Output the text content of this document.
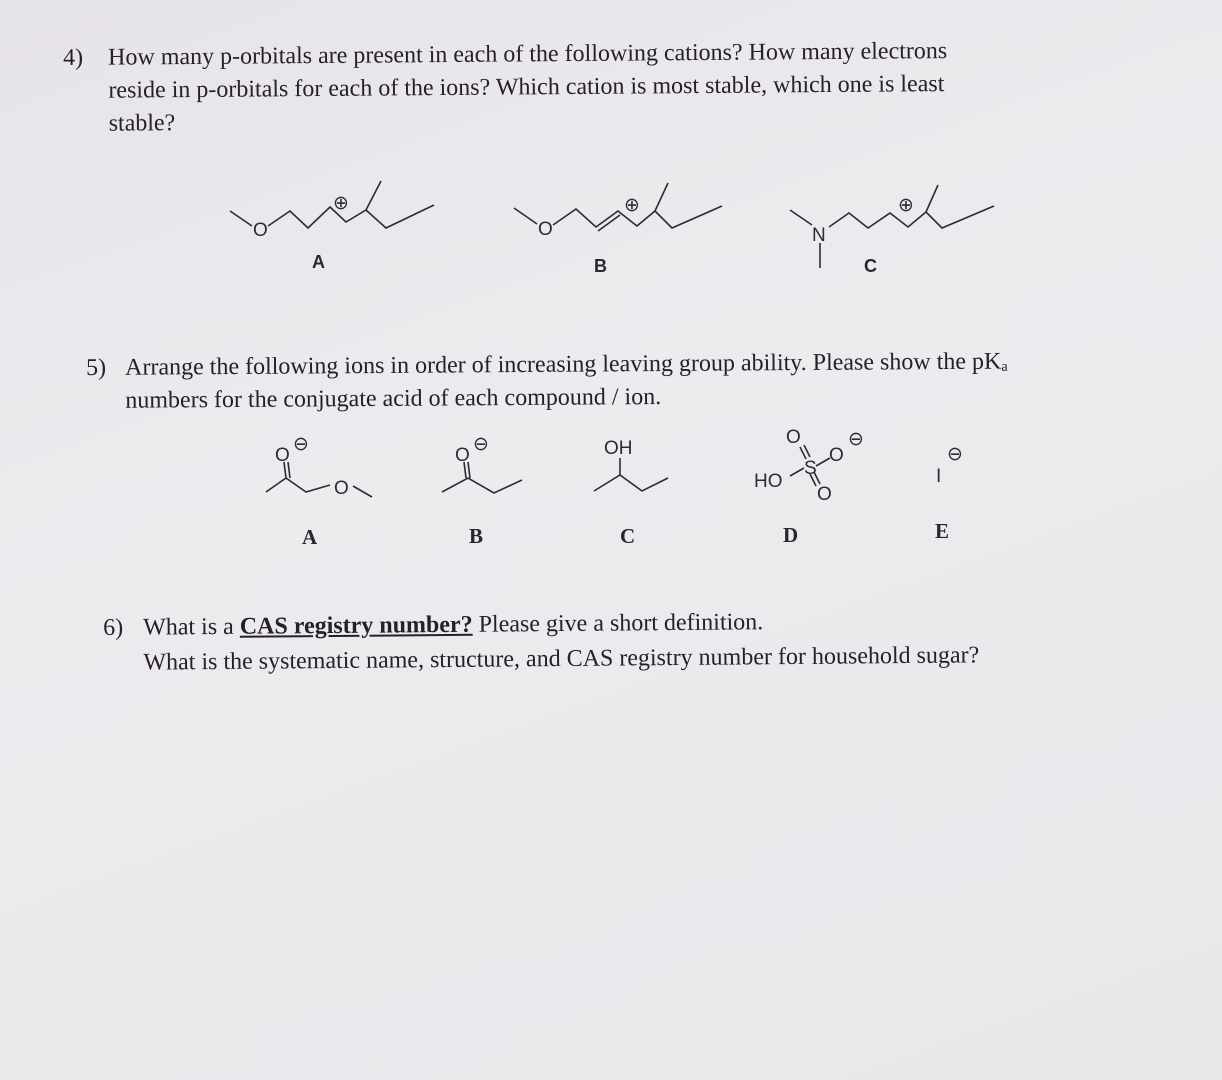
4) How many p-orbitals are present in each of the following cations? How many electrons
reside in p-orbitals for each of the ions? Which cation is most stable, which one is least
stable?
O
⊕
A
O
⊕
B
N
⊕
C
5) Arrange the following ions in order of increasing leaving group ability. Please show the pKₐ
numbers for the conjugate acid of each compound / ion.
O
⊖
O
A
O
⊖
B
OH
C
HO
O
S
O
⊖
O
D
I
⊖
E
6) What is a CAS registry number? Please give a short definition.
What is the systematic name, structure, and CAS registry number for household sugar?
